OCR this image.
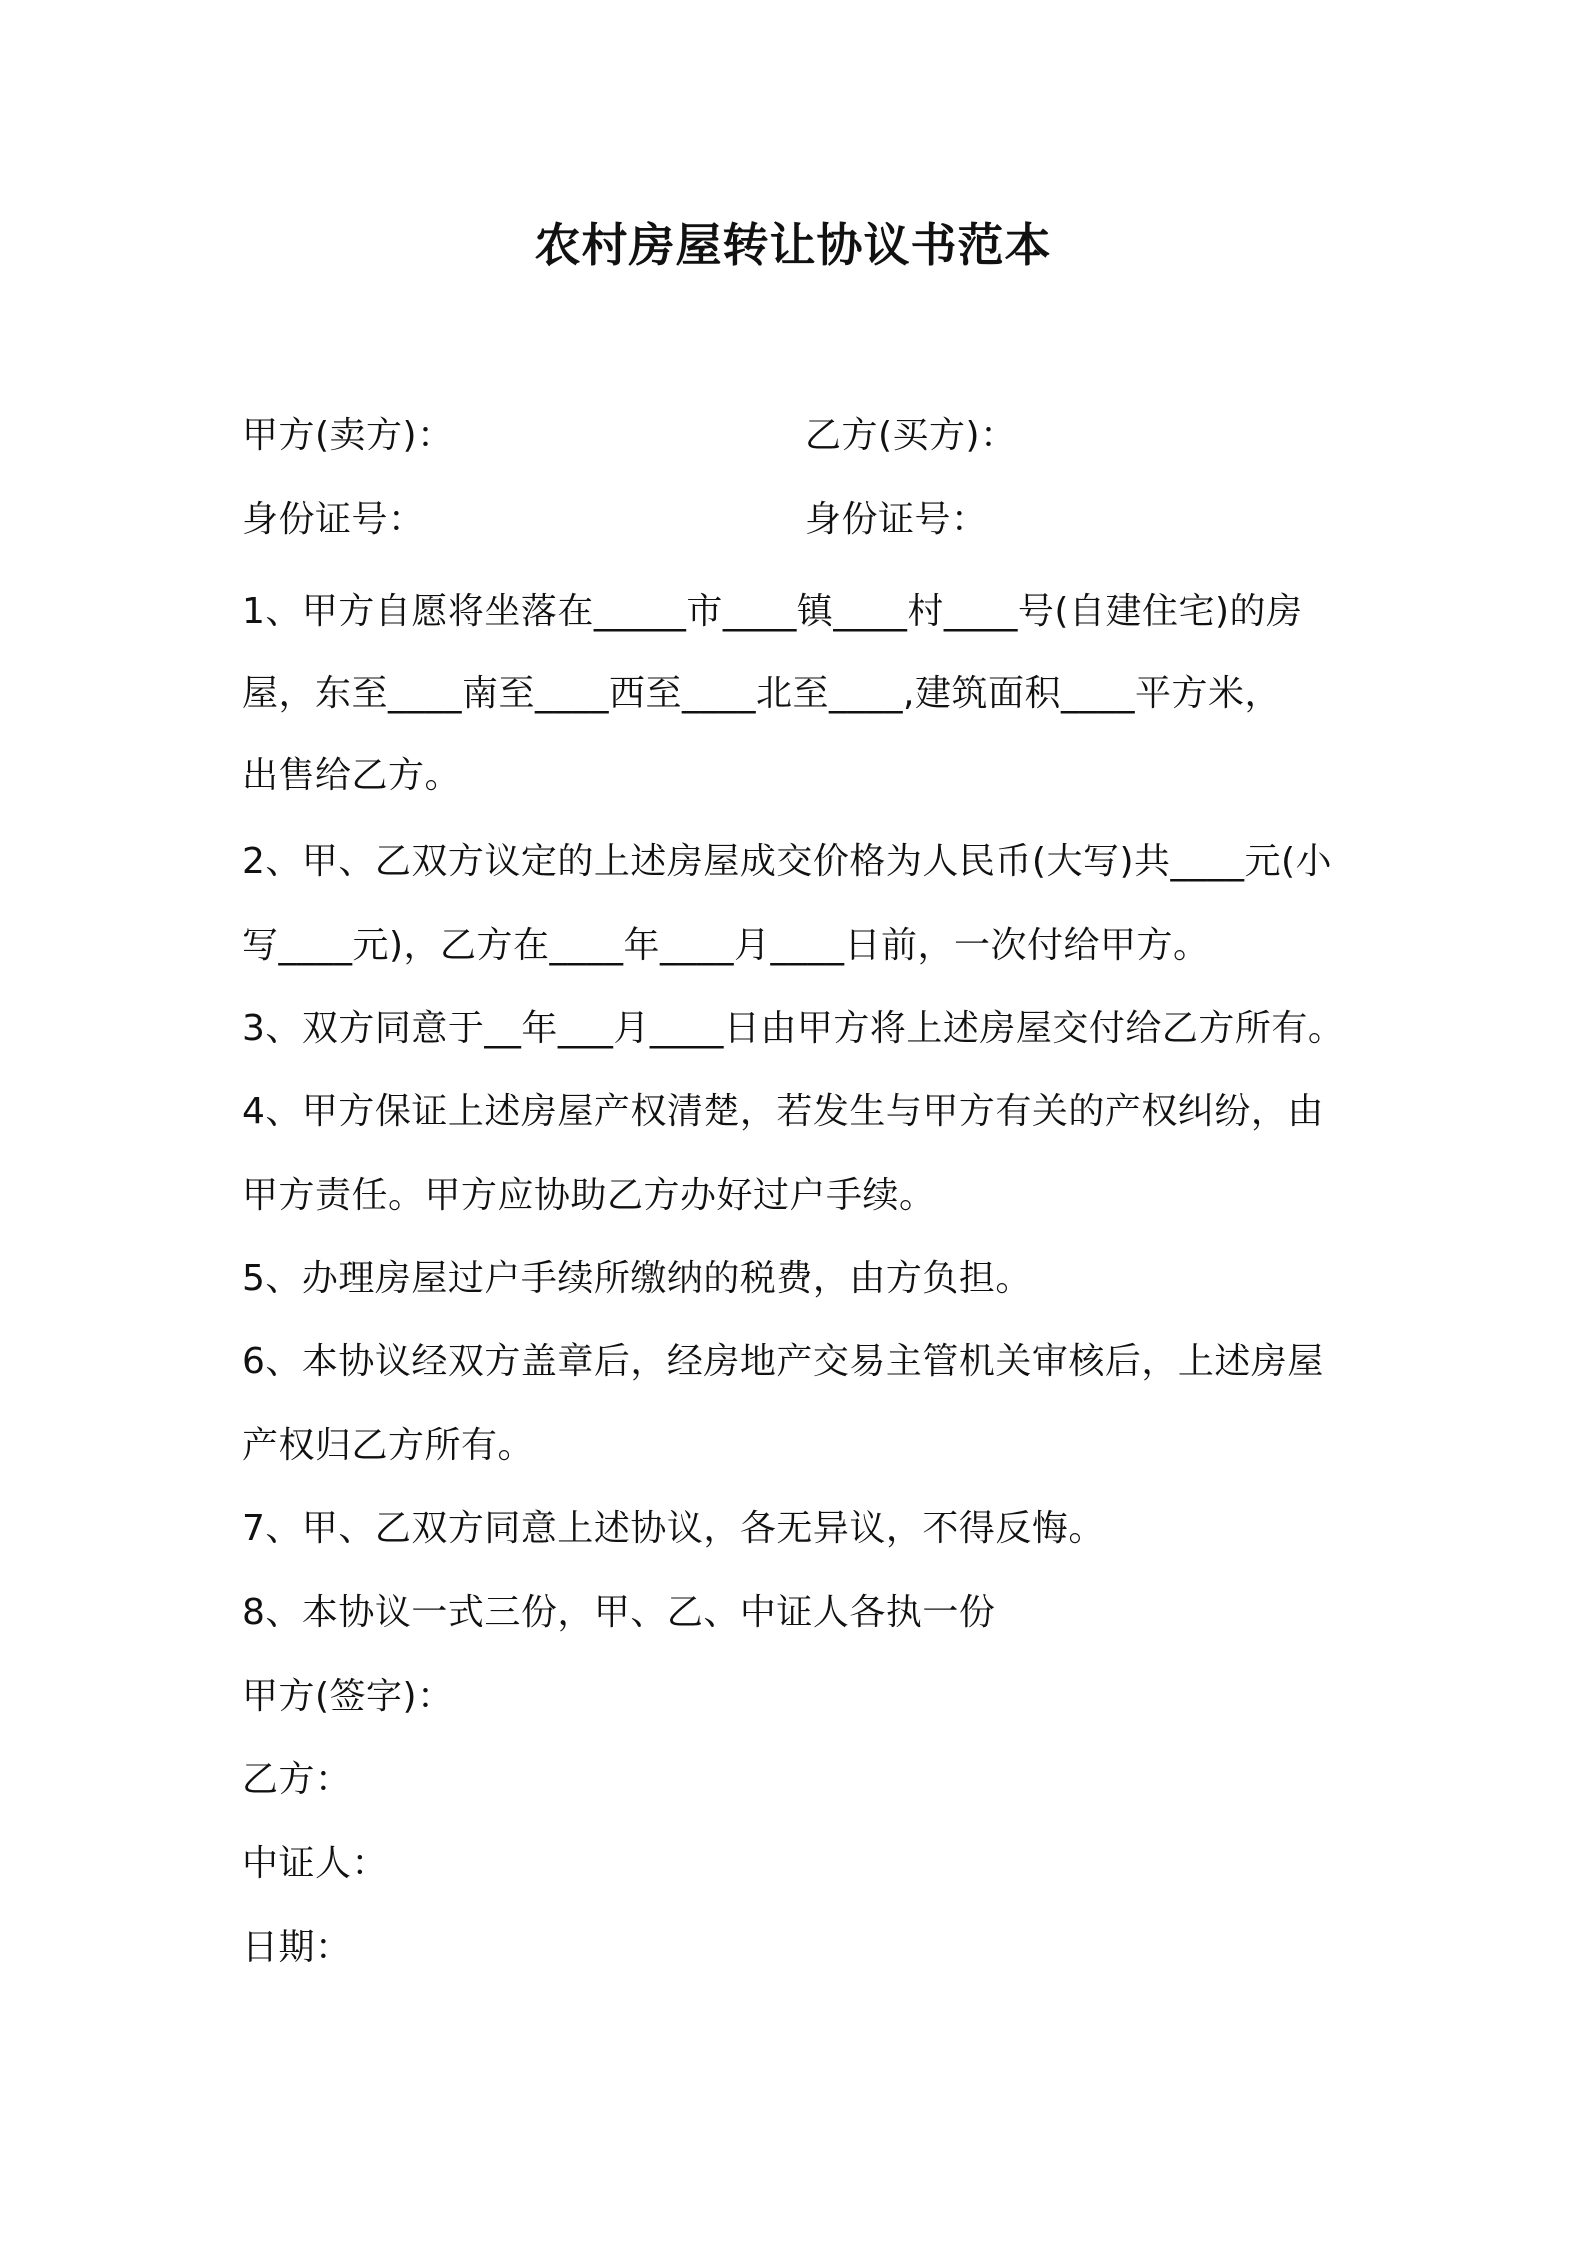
农村房屋转让协议书范本
甲方(卖方)：	乙方(买方)：
身份证号：	身份证号：
1、甲方自愿将坐落在_____市____镇____村____号(自建住宅)的房
屋，东至____南至____西至____北至____,建筑面积____平方米，
出售给乙方。
2、甲、乙双方议定的上述房屋成交价格为人民币(大写)共____元(小
写____元)，乙方在____年____月____日前，一次付给甲方。
3、双方同意于__年___月____日由甲方将上述房屋交付给乙方所有。
4、甲方保证上述房屋产权清楚，若发生与甲方有关的产权纠纷，由
甲方责任。甲方应协助乙方办好过户手续。
5、办理房屋过户手续所缴纳的税费，由方负担。
6、本协议经双方盖章后，经房地产交易主管机关审核后，上述房屋
产权归乙方所有。
7、甲、乙双方同意上述协议，各无异议，不得反悔。
8、本协议一式三份，甲、乙、中证人各执一份
甲方(签字)：
乙方：
中证人：
日期：
